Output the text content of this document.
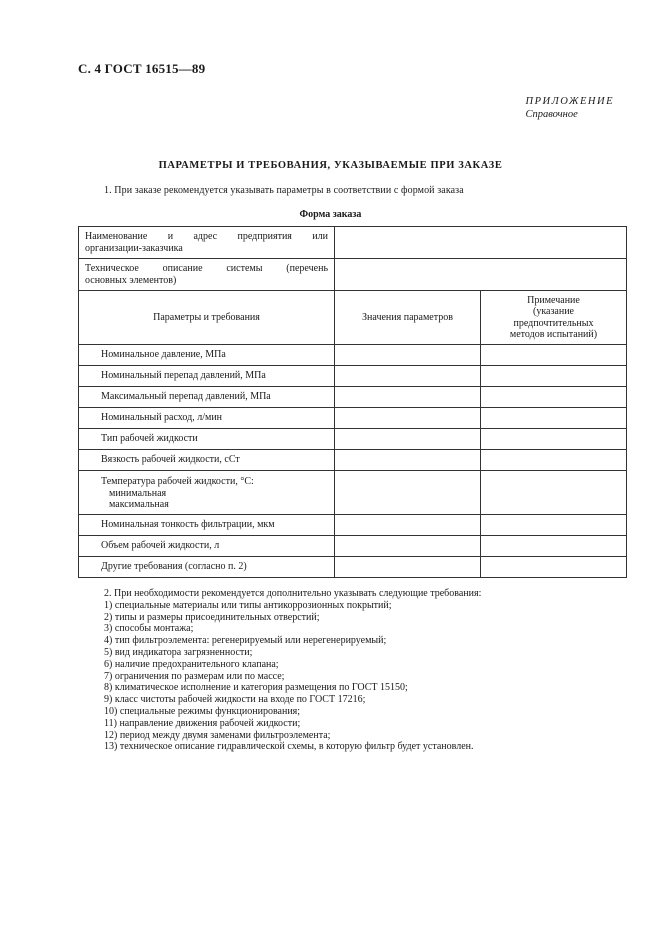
С. 4 ГОСТ 16515—89
ПРИЛОЖЕНИЕ
Справочное
ПАРАМЕТРЫ И ТРЕБОВАНИЯ, УКАЗЫВАЕМЫЕ ПРИ ЗАКАЗЕ
1. При заказе рекомендуется указывать параметры в соответствии с формой заказа
Форма заказа
Наименование и адрес предприятия или
организации-заказчика		

Техническое описание системы (перечень
основных элементов)		

Параметры и требования	Значения параметров	Примечание
(указание
предпочтительных
методов испытаний)

Номинальное давление, МПа		
Номинальный перепад давлений, МПа		
Максимальный перепад давлений, МПа		
Номинальный расход, л/мин		
Тип рабочей жидкости		
Вязкость рабочей жидкости, сСт		

Температура рабочей жидкости, °С:
минимальная
максимальная		

Номинальная тонкость фильтрации, мкм		
Объем рабочей жидкости, л		
Другие требования (согласно п. 2)		
2. При необходимости рекомендуется дополнительно указывать следующие требования:
1) специальные материалы или типы антикоррозионных покрытий;
2) типы и размеры присоединительных отверстий;
3) способы монтажа;
4) тип фильтроэлемента: регенерируемый или нерегенерируемый;
5) вид индикатора загрязненности;
6) наличие предохранительного клапана;
7) ограничения по размерам или по массе;
8) климатическое исполнение и категория размещения по ГОСТ 15150;
9) класс чистоты рабочей жидкости на входе по ГОСТ 17216;
10) специальные режимы функционирования;
11) направление движения рабочей жидкости;
12) период между двумя заменами фильтроэлемента;
13) техническое описание гидравлической схемы, в которую фильтр будет установлен.
